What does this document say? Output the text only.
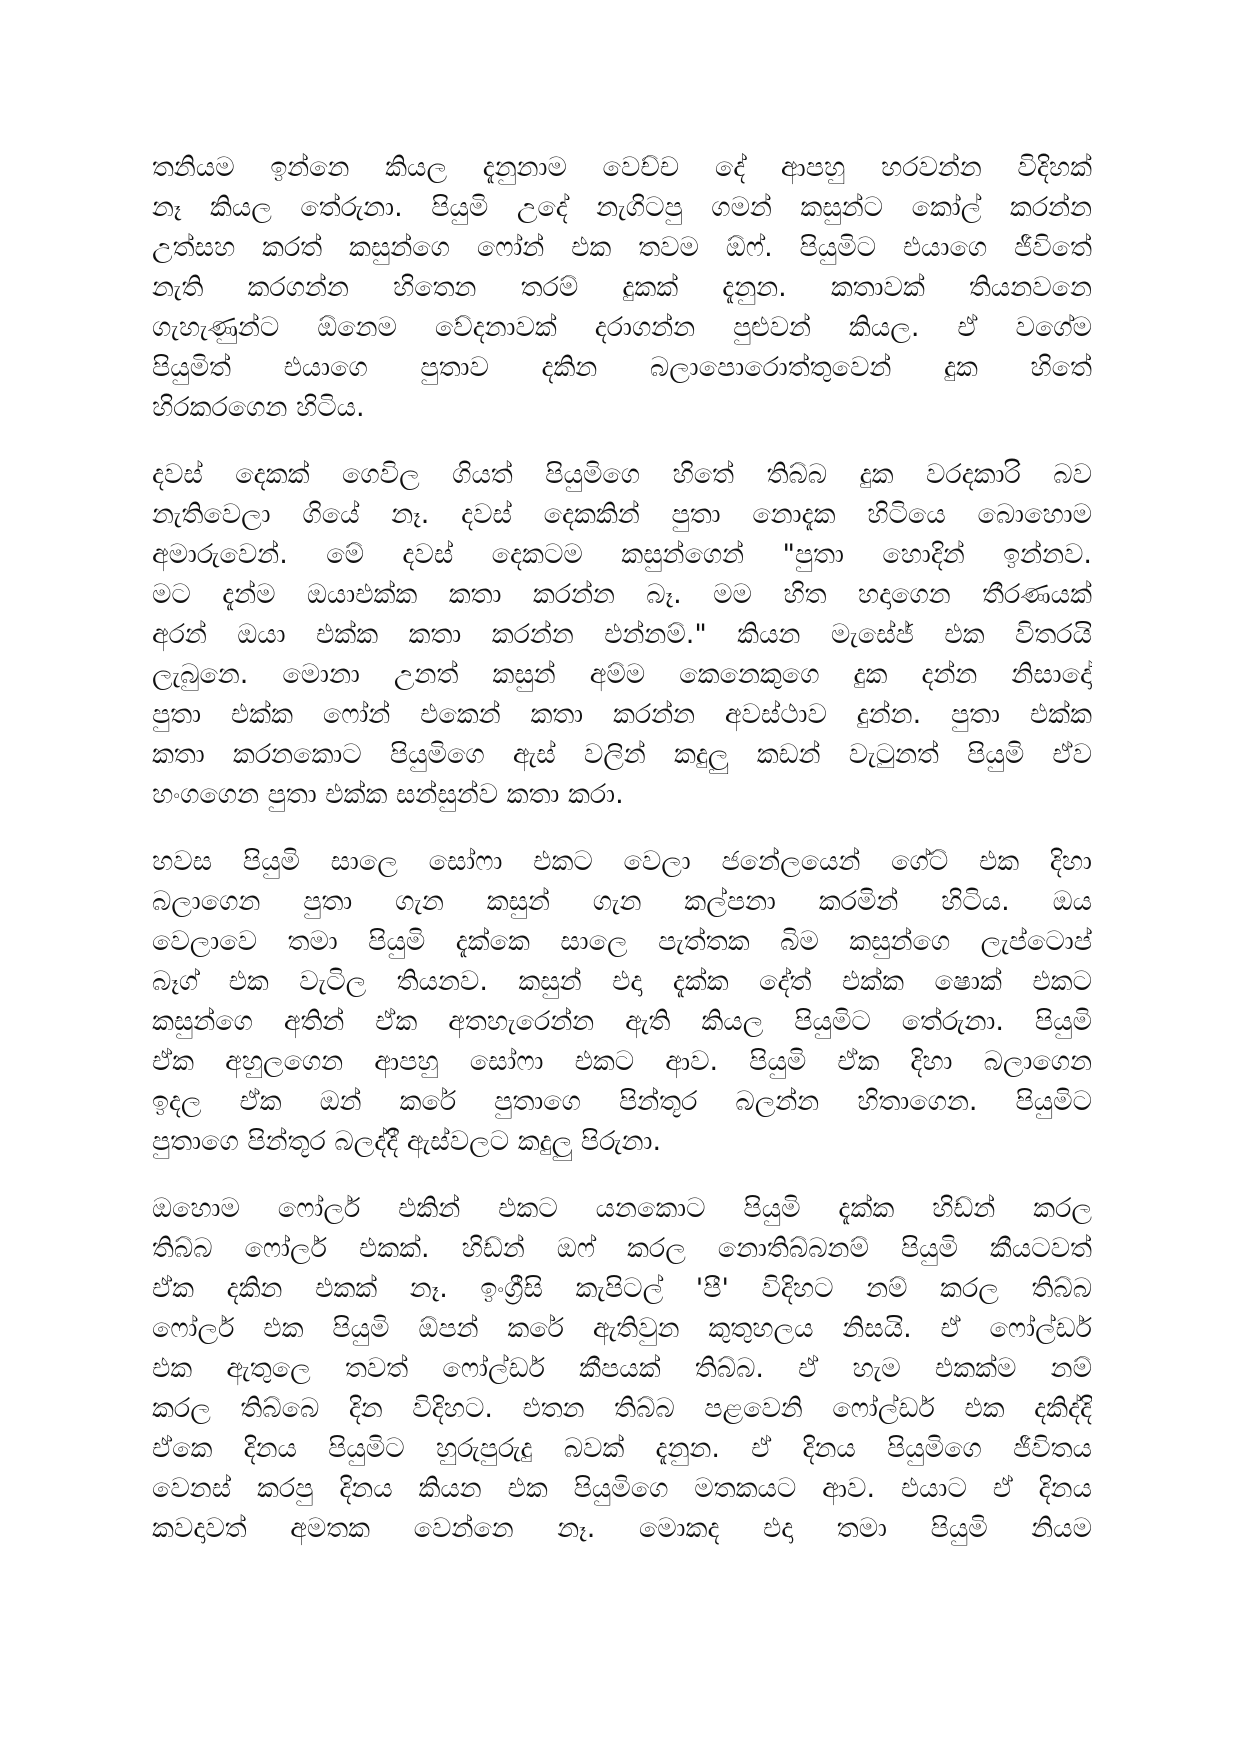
තනියම ඉන්නෙ කියල දැනුනාම වෙච්ච දේ ආපහු හරවන්න විදිහක්
නෑ කියල තේරුනා. පියුමි උදේ නැගිටපු ගමන් කසුන්ට කෝල් කරන්න
උත්සහ කරත් කසුන්ගෙ ෆෝන් එක තවම ඕෆ්. පියුමිට එයාගෙ ජීවිතේ
නැති කරගන්න හිතෙන තරම් දුකක් දැනුන. කතාවක් තියනවනෙ
ගැහැණුන්ට ඕනෙම වේදනාවක් දරාගන්න පුළුවන් කියල. ඒ වගේම
පියුමිත් එයාගෙ පුතාව දකින බලාපොරොත්තුවෙන් දුක හිතේ
හිරකරගෙන හිටිය.
දවස් දෙකක් ගෙවිල ගියත් පියුමිගෙ හිතේ තිබ්බ දුක වරදකාරි බව
නැතිවෙලා ගියේ නෑ. දවස් දෙකකින් පුතා නොදැක හිටියෙ බොහොම
අමාරුවෙන්. මේ දවස් දෙකටම කසුන්ගෙන් "පුතා හොදින් ඉන්නව.
මට දැන්ම ඔයාඑක්ක කතා කරන්න බෑ. මම හිත හදාගෙන තීරණයක්
අරන් ඔයා එක්ක කතා කරන්න එන්නම්." කියන මැසේජ් එක විතරයි
ලැබුනෙ. මොනා උනත් කසුන් අම්ම කෙනෙකුගෙ දුක දන්න නිසාදෝ
පුතා එක්ක ෆෝන් එකෙන් කතා කරන්න අවස්ථාව දුන්න. පුතා එක්ක
කතා කරනකොට පියුමිගෙ ඇස් වලින් කදුලු කඩන් වැටුනත් පියුමි ඒව
හංගගෙන පුතා එක්ක සන්සුන්ව කතා කරා.
හවස පියුමි සාලෙ සෝෆා එකට වෙලා ජනේලයෙන් ගේට් එක දිහා
බලාගෙන පුතා ගැන කසුන් ගැන කල්පනා කරමින් හිටිය. ඔය
වෙලාවෙ තමා පියුමි දැක්කෙ සාලෙ පැත්තක බිම කසුන්ගෙ ලැප්ටොප්
බෑග් එක වැටිල තියනව. කසුන් එදා දැක්ක දේත් එක්ක ෂොක් එකට
කසුන්ගෙ අතින් ඒක අතහැරෙන්න ඇති කියල පියුමිට තේරුනා. පියුමි
ඒක අහුලගෙන ආපහු සෝෆා එකට ආව. පියුමි ඒක දිහා බලාගෙන
ඉදල ඒක ඔන් කරේ පුතාගෙ පින්තූර බලන්න හිතාගෙන. පියුමිට
පුතාගෙ පින්තූර බලද්දී ඇස්වලට කදුලු පිරුනා.
ඔහොම ෆෝලර් එකින් එකට යනකොට පියුමි දැක්ක හිඩ්න් කරල
තිබ්බ ෆෝලර් එකක්. හිඩ්න් ඔෆ් කරල නොතිබ්බනම් පියුමි කීයටවත්
ඒක දකින එකක් නෑ. ඉංග්‍රීසි කැපිටල් 'පී' විදිහට නම් කරල තිබ්බ
ෆෝලර් එක පියුමි ඕපන් කරේ ඇතිවුන කුතුහලය නිසයි. ඒ ෆෝල්ඩර්
එක ඇතුලෙ තවත් ෆෝල්ඩර් කීපයක් තිබ්බ. ඒ හැම එකක්ම නම්
කරල තිබ්බෙ දින විදිහට. එතන තිබ්බ පළවෙනි ෆෝල්ඩර් එක දකිද්දි
ඒකෙ දිනය පියුමිට හුරුපුරුදු බවක් දැනුන. ඒ දිනය පියුමිගෙ ජීවිතය
වෙනස් කරපු දිනය කියන එක පියුමිගෙ මතකයට ආව. එයාට ඒ දිනය
කවදාවත් අමතක වෙන්නෙ නෑ. මොකද එදා තමා පියුමි නියම
